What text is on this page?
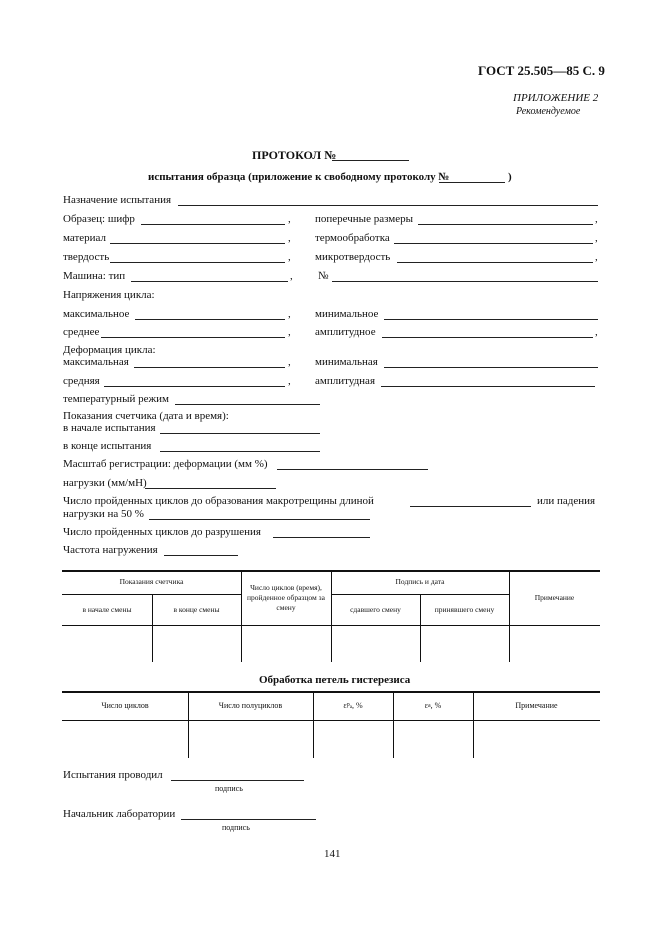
ГОСТ 25.505—85 С. 9
ПРИЛОЖЕНИЕ 2
Рекомендуемое
ПРОТОКОЛ №
испытания образца (приложение к свободному протоколу №	)
Назначение испытания
Образец: шифр	, поперечные размеры	,
материал	, термообработка	,
твердость	, микротвердость	,
Машина: тип	, №
Напряжения цикла:
максимальное	, минимальное
среднее	, амплитудное	,
Деформация цикла:
максимальная	, минимальная
средняя	, амплитудная
температурный режим
Показания счетчика (дата и время):
в начале испытания
в конце испытания
Масштаб регистрации: деформации (мм %)
нагрузки (мм/мН)
Число пройденных циклов до образования макротрещины длиной	или падения
нагрузки на 50 %
Число пройденных циклов до разрушения
Частота нагружения
Показания счетчика
в начале смены	в конце смены
Число циклов (время), пройденное образцом за смену
Подпись и дата
сдавшего смену	принявшего смену
Примечание
Обработка петель гистерезиса
Число циклов	Число полуциклов	ε $р_a$ , %	ε a , %	Примечание
Испытания проводил
подпись
Начальник лаборатории
подпись
141
